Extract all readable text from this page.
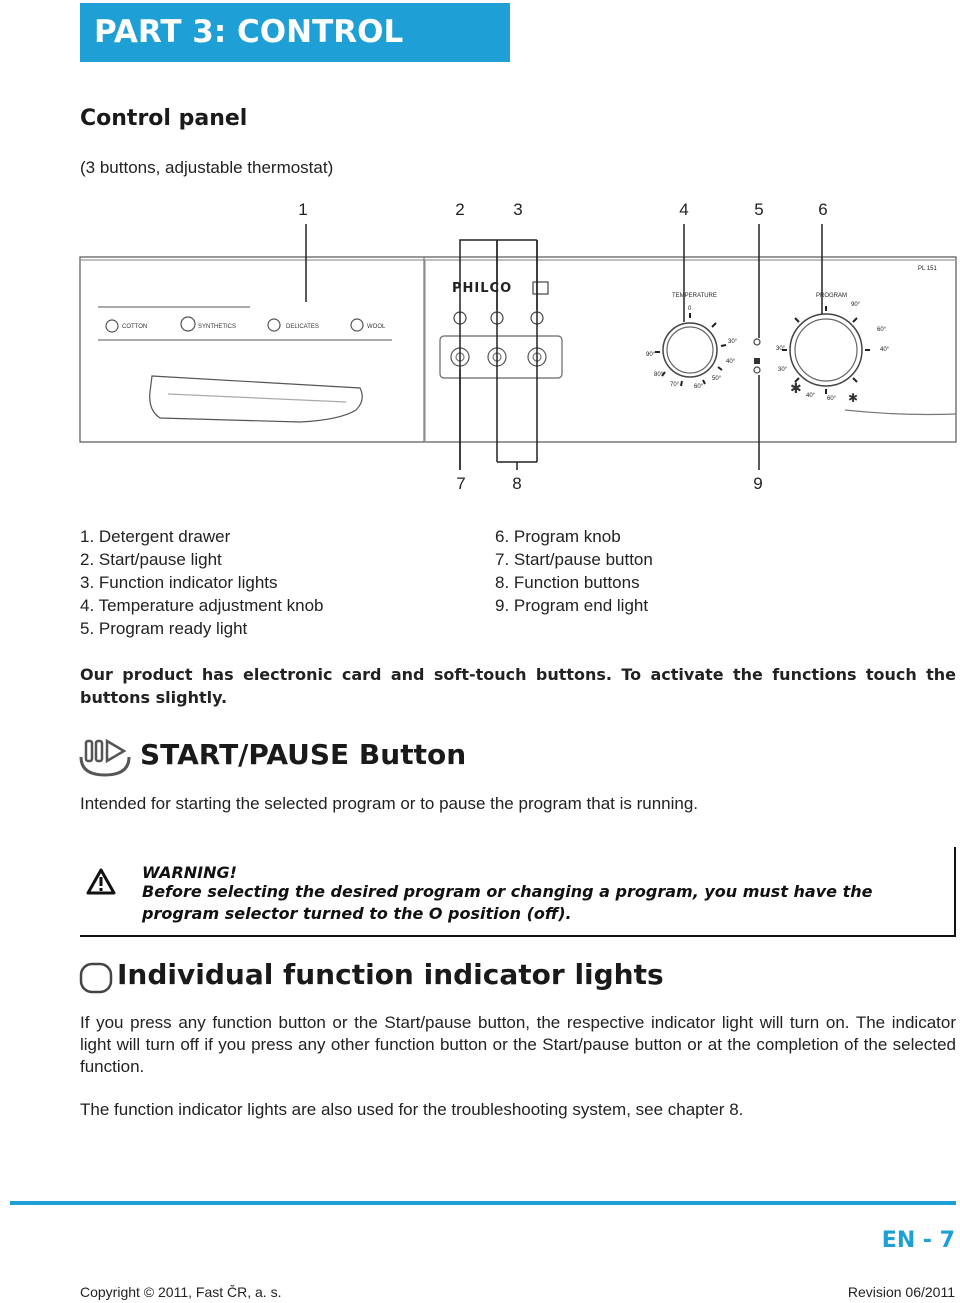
PART 3: CONTROL PANEL
Control panel
(3 buttons, adjustable thermostat)
1	2	3	4	5	6
7	8	9
✱
✱
PHILCO
PL 151
COTTON	SYNTHETICS	DELICATES	WOOL
TEMPERATURE
0
30°
40°
50°
60°
70°
80°
90°
PROGRAM
90°
60°
40°
30°
30°
40° 60°
1. Detergent drawer
2. Start/pause light
3. Function indicator lights
4. Temperature adjustment knob
5. Program ready light
6. Program knob
7. Start/pause button
8. Function buttons
9. Program end light
Our product has electronic card and soft-touch buttons. To activate the functions touch the buttons slightly.
START/PAUSE Button
Intended for starting the selected program or to pause the program that is running.
WARNING!
Before selecting the desired program or changing a program, you must have the program selector turned to the O position (off).
Individual function indicator lights
If you press any function button or the Start/pause button, the respective indicator light will turn on. The indicator light will turn off if you press any other function button or the Start/pause button or at the completion of the selected function.
The function indicator lights are also used for the troubleshooting system, see chapter 8.
EN - 7
Copyright © 2011, Fast ČR, a. s.	Revision 06/2011
